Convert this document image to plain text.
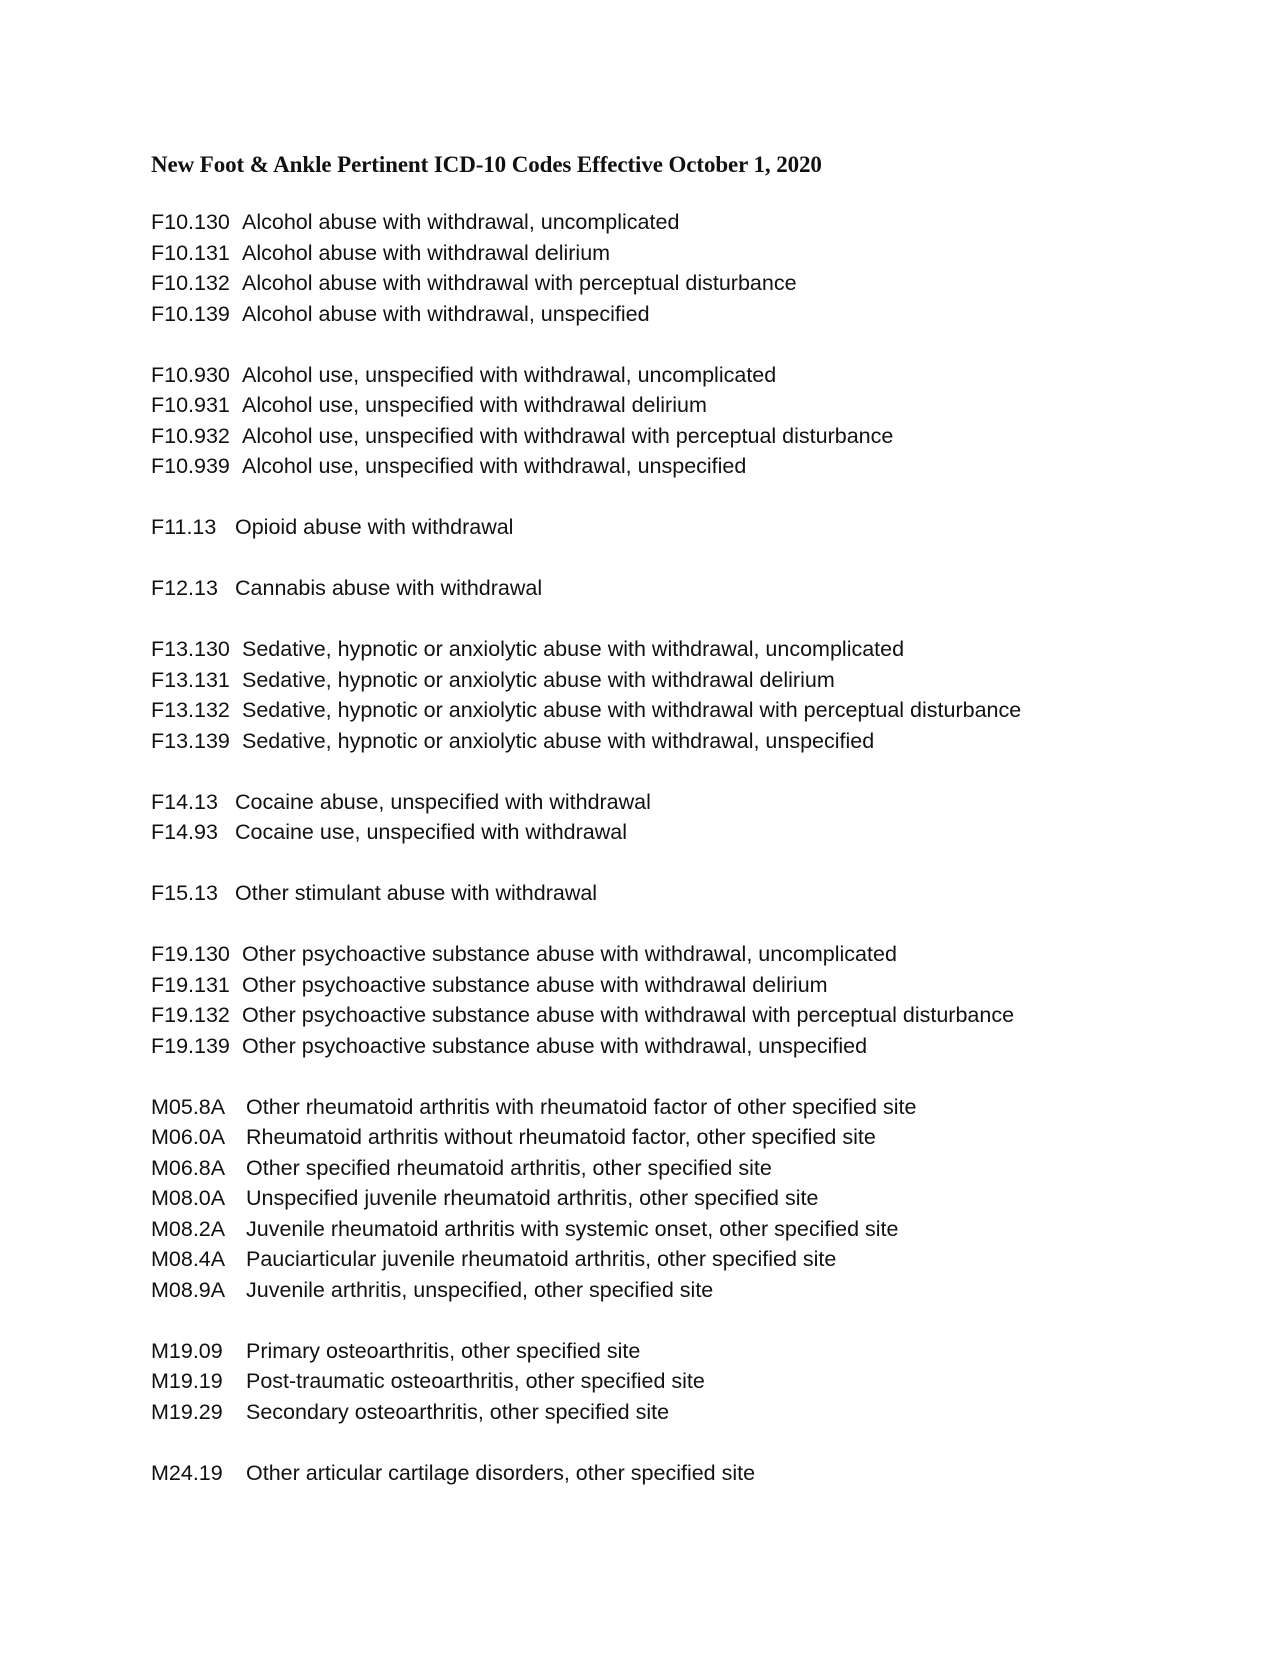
New Foot & Ankle Pertinent ICD-10 Codes Effective October 1, 2020
F10.130 Alcohol abuse with withdrawal, uncomplicated
F10.131 Alcohol abuse with withdrawal delirium
F10.132 Alcohol abuse with withdrawal with perceptual disturbance
F10.139 Alcohol abuse with withdrawal, unspecified
F10.930 Alcohol use, unspecified with withdrawal, uncomplicated
F10.931 Alcohol use, unspecified with withdrawal delirium
F10.932 Alcohol use, unspecified with withdrawal with perceptual disturbance
F10.939 Alcohol use, unspecified with withdrawal, unspecified
F11.13 Opioid abuse with withdrawal
F12.13 Cannabis abuse with withdrawal
F13.130 Sedative, hypnotic or anxiolytic abuse with withdrawal, uncomplicated
F13.131 Sedative, hypnotic or anxiolytic abuse with withdrawal delirium
F13.132 Sedative, hypnotic or anxiolytic abuse with withdrawal with perceptual disturbance
F13.139 Sedative, hypnotic or anxiolytic abuse with withdrawal, unspecified
F14.13 Cocaine abuse, unspecified with withdrawal
F14.93 Cocaine use, unspecified with withdrawal
F15.13 Other stimulant abuse with withdrawal
F19.130 Other psychoactive substance abuse with withdrawal, uncomplicated
F19.131 Other psychoactive substance abuse with withdrawal delirium
F19.132 Other psychoactive substance abuse with withdrawal with perceptual disturbance
F19.139 Other psychoactive substance abuse with withdrawal, unspecified
M05.8A Other rheumatoid arthritis with rheumatoid factor of other specified site
M06.0A Rheumatoid arthritis without rheumatoid factor, other specified site
M06.8A Other specified rheumatoid arthritis, other specified site
M08.0A Unspecified juvenile rheumatoid arthritis, other specified site
M08.2A Juvenile rheumatoid arthritis with systemic onset, other specified site
M08.4A Pauciarticular juvenile rheumatoid arthritis, other specified site
M08.9A Juvenile arthritis, unspecified, other specified site
M19.09	Primary osteoarthritis, other specified site
M19.19	Post-traumatic osteoarthritis, other specified site
M19.29	Secondary osteoarthritis, other specified site
M24.19	Other articular cartilage disorders, other specified site
